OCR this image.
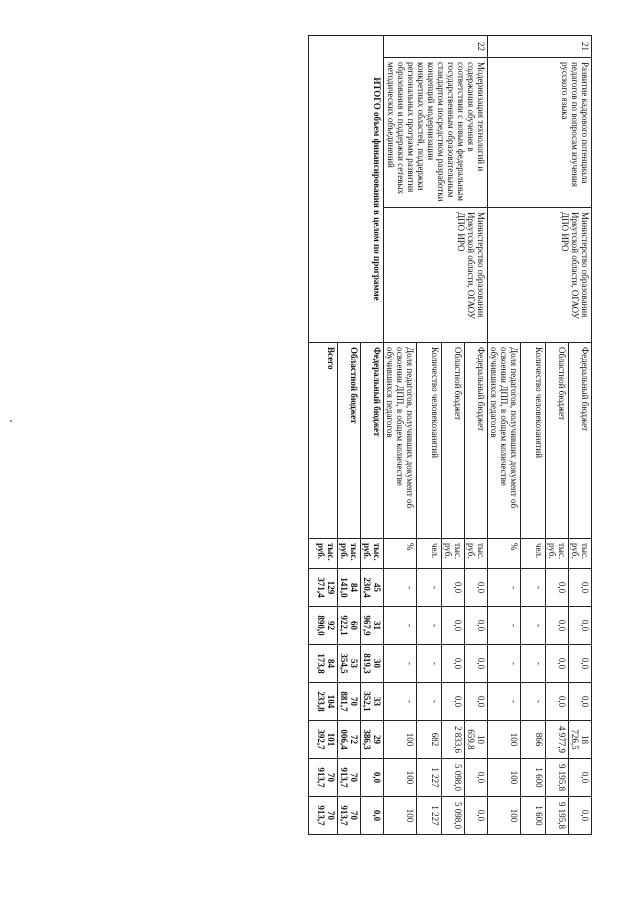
21	Развитие кадрового потенциала педагогов по вопросам изучения русского языка	Министерство образования Иркутской области, ОГАОУ ДПО ИРО	Федеральный бюджет	тыс. руб.	0,0	0,0	0,0	0,0	18 726,5	0,0	0,0
			Областной бюджет	тыс. руб.	0,0	0,0	0,0	0,0	4 977,9	9 195,8	9 195,8
			Количество человекозанятий	чел.	-	-	-	-	866	1 600	1 600
			Доля педагогов, получивших документ об освоении ДПП, в общем количестве обучившихся педагогов	%	-	-	-	-	100	100	100
22	Модернизация технологий и содержания обучения в соответствии с новым федеральным государственным образовательным стандартом посредством разработки концепций модернизации конкретных областей, поддержки региональных программ развития образования и поддержки сетевых методических объединений	Министерство образования Иркутской области, ОГАОУ ДПО ИРО	Федеральный бюджет	тыс. руб.	0,0	0,0	0,0	0,0	10 659,8	0,0	0,0
			Областной бюджет	тыс. руб.	0,0	0,0	0,0	0,0	2 833,6	5 098,0	5 098,0
			Количество человекозанятий	чел.	-	-	-	-	682	1 227	1 227
			Доля педагогов, получивших документ об освоении ДПП, в общем количестве обучившихся педагогов	%	-	-	-	-	100	100	100
ИТОГО объем финансирования в целом по программе			Федеральный бюджет	тыс. руб.	45 230,4	31 967,9	30 819,3	33 352,1	29 386,3	0,0	0,0
			Областной бюджет	тыс. руб.	84 141,0	60 922,1	53 354,5	70 881,7	72 006,4	70 913,7	70 913,7
			Всего	тыс. руб.	129 371,4	92 890,0	84 173,8	104 233,8	101 392,7	70 913,7	70 913,7
